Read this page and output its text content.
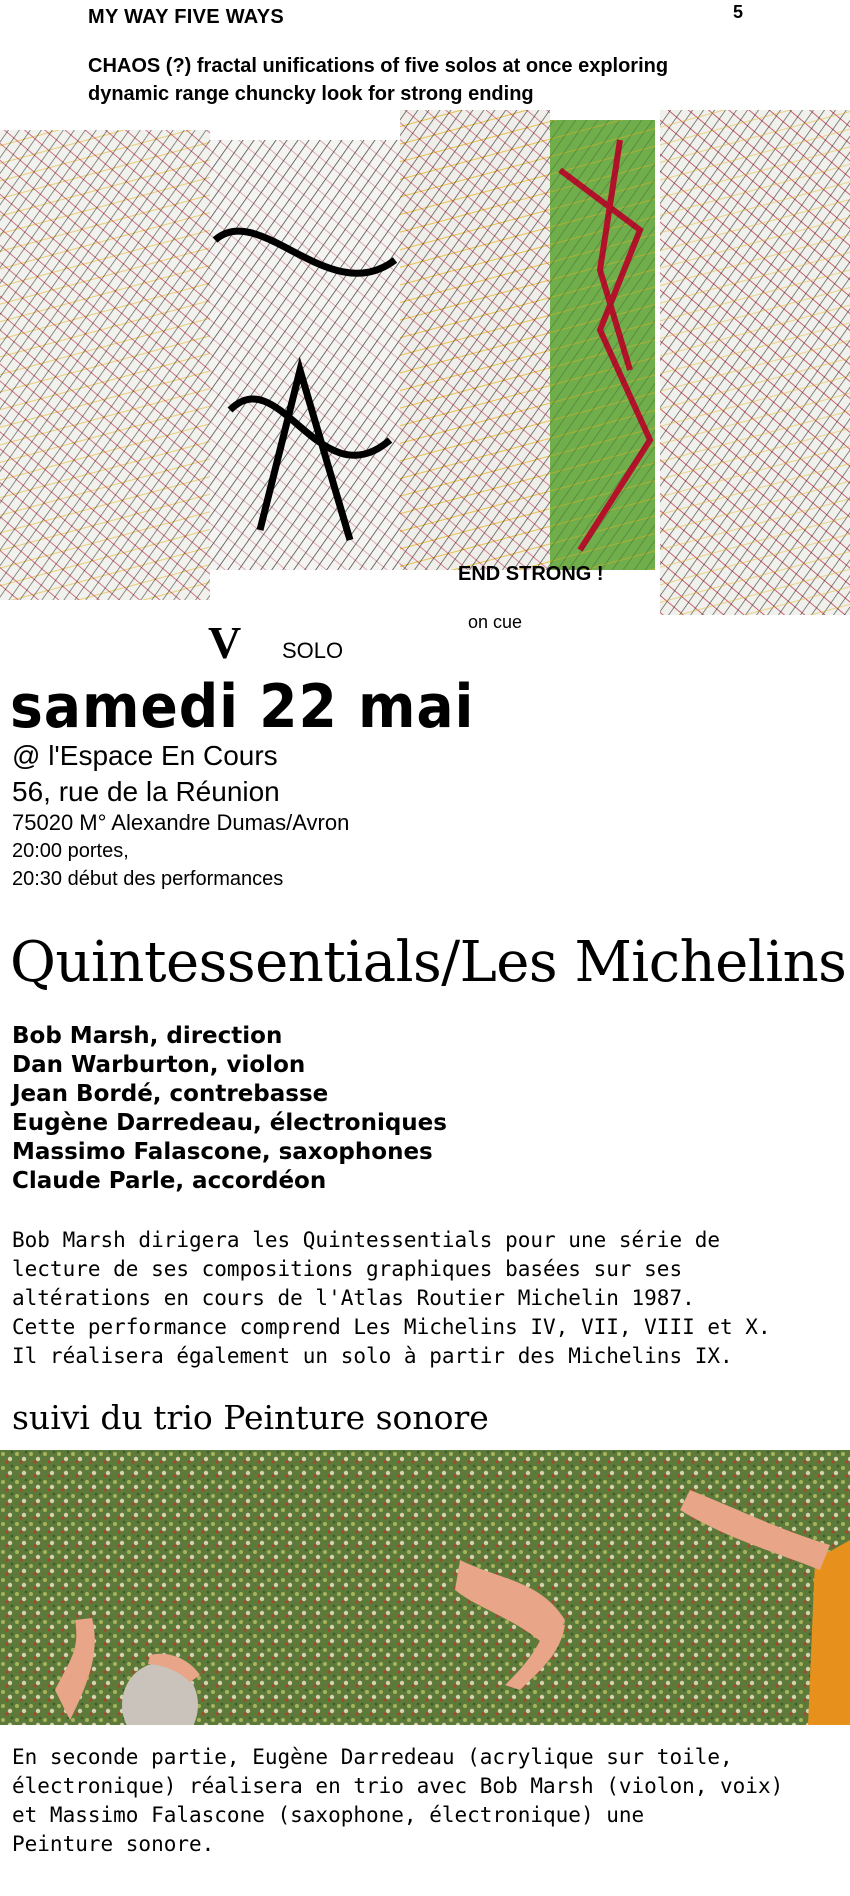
MY WAY FIVE WAYS	5
CHAOS (?) fractal unifications of five solos at once exploring
dynamic range chuncky look for strong ending
END STRONG !
on cue
V SOLO
samedi 22 mai
@ l'Espace En Cours
56, rue de la Réunion
75020 M° Alexandre Dumas/Avron
20:00 portes,
20:30 début des performances
Quintessentials/Les Michelins
Bob Marsh, direction
Dan Warburton, violon
Jean Bordé, contrebasse
Eugène Darredeau, électroniques
Massimo Falascone, saxophones
Claude Parle, accordéon
Bob Marsh dirigera les Quintessentials pour une série de
lecture de ses compositions graphiques basées sur ses
altérations en cours de l'Atlas Routier Michelin 1987.
Cette performance comprend Les Michelins IV, VII, VIII et X.
Il réalisera également un solo à partir des Michelins IX.
suivi du trio Peinture sonore
En seconde partie, Eugène Darredeau (acrylique sur toile,
électronique) réalisera en trio avec Bob Marsh (violon, voix)
et Massimo Falascone (saxophone, électronique) une
Peinture sonore.
